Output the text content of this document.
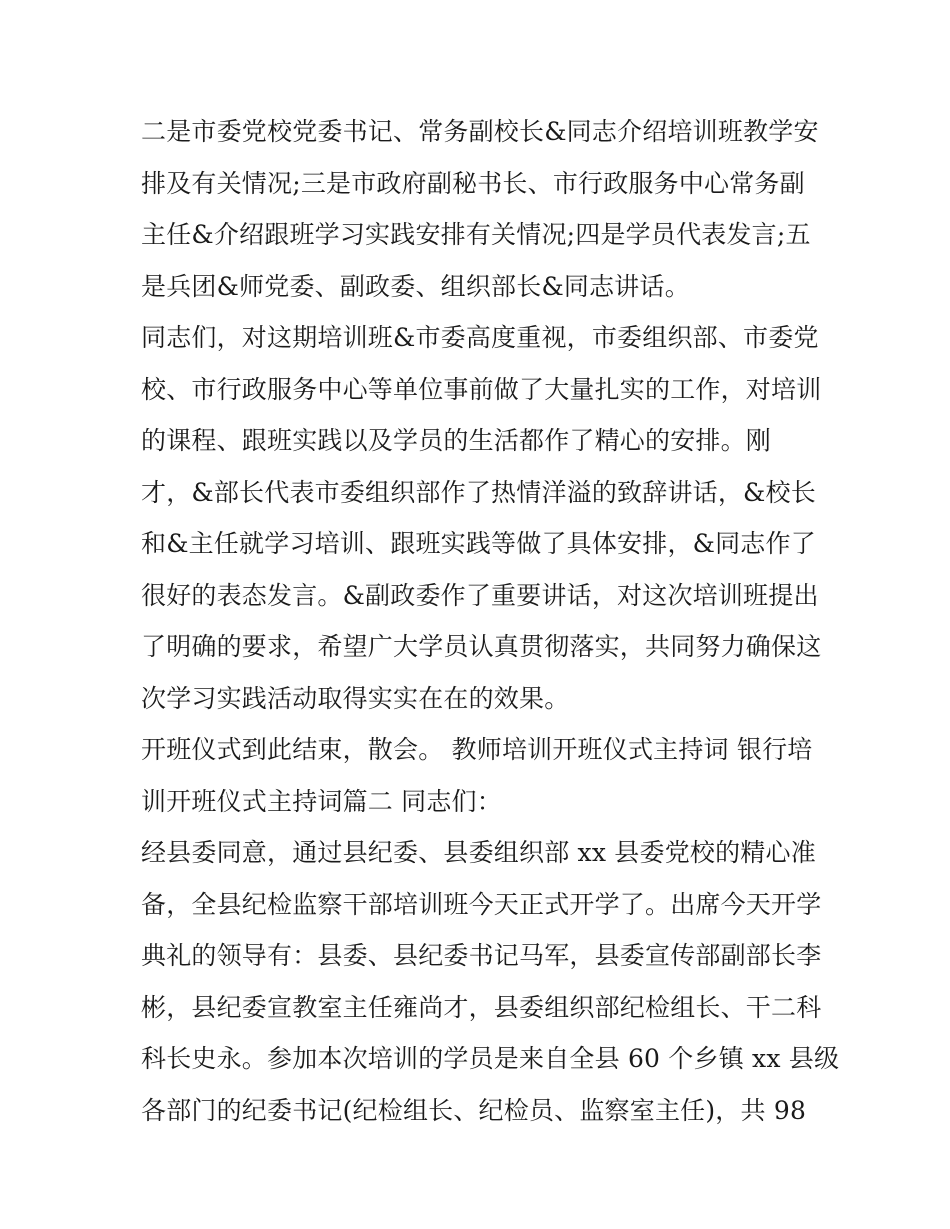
二是市委党校党委书记、常务副校长&同志介绍培训班教学安
排及有关情况;三是市政府副秘书长、市行政服务中心常务副
主任&介绍跟班学习实践安排有关情况;四是学员代表发言;五
是兵团&师党委、副政委、组织部长&同志讲话。
同志们，对这期培训班&市委高度重视，市委组织部、市委党
校、市行政服务中心等单位事前做了大量扎实的工作，对培训
的课程、跟班实践以及学员的生活都作了精心的安排。刚
才，&部长代表市委组织部作了热情洋溢的致辞讲话，&校长
和&主任就学习培训、跟班实践等做了具体安排，&同志作了
很好的表态发言。&副政委作了重要讲话，对这次培训班提出
了明确的要求，希望广大学员认真贯彻落实，共同努力确保这
次学习实践活动取得实实在在的效果。
开班仪式到此结束，散会。 教师培训开班仪式主持词 银行培
训开班仪式主持词篇二 同志们：
经县委同意，通过县纪委、县委组织部 xx 县委党校的精心准
备，全县纪检监察干部培训班今天正式开学了。出席今天开学
典礼的领导有：县委、县纪委书记马军，县委宣传部副部长李
彬，县纪委宣教室主任雍尚才，县委组织部纪检组长、干二科
科长史永。参加本次培训的学员是来自全县 60 个乡镇 xx 县级
各部门的纪委书记(纪检组长、纪检员、监察室主任)，共 98
